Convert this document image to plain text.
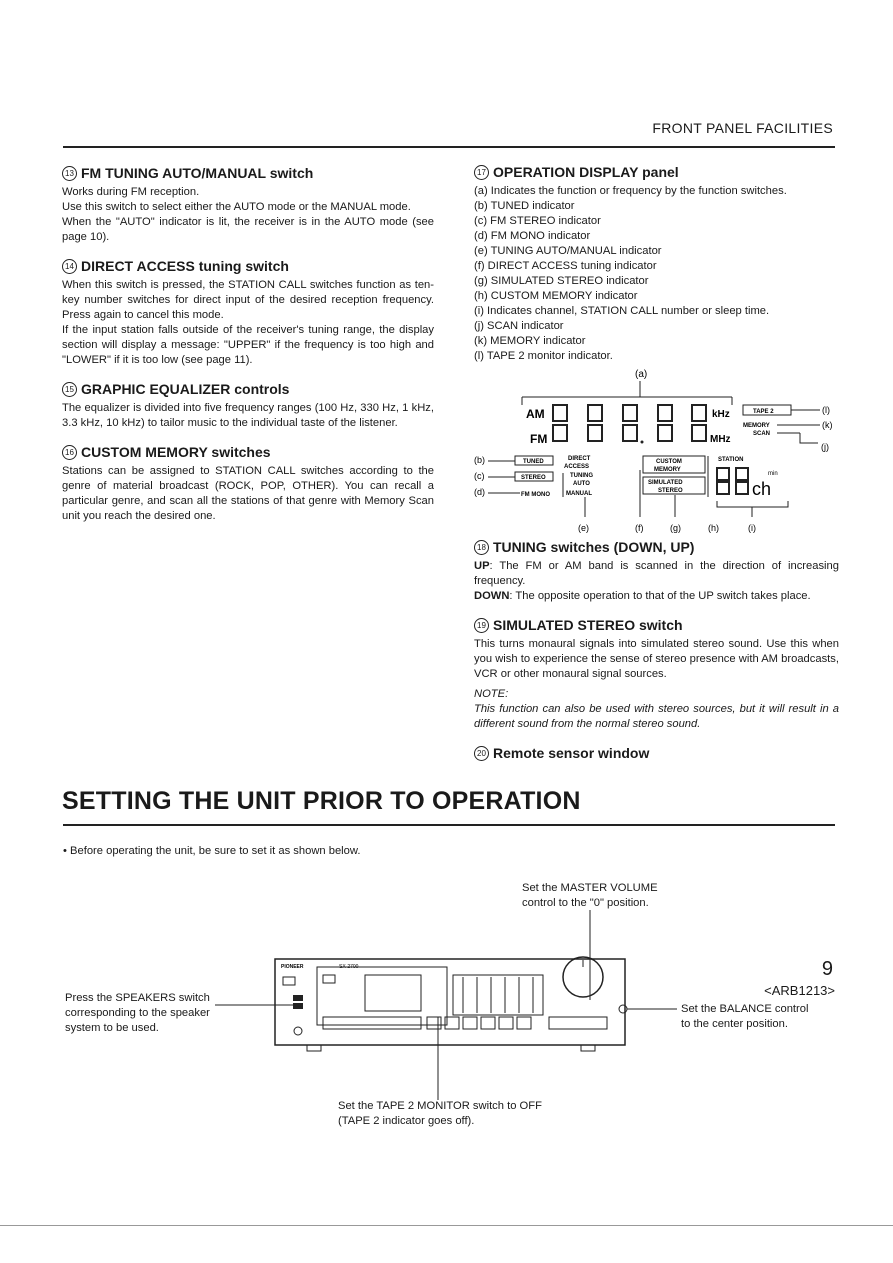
FRONT PANEL FACILITIES
13 FM TUNING AUTO/MANUAL switch

Works during FM reception.

Use this switch to select either the AUTO mode or the MANUAL mode.

When the "AUTO" indicator is lit, the receiver is in the AUTO mode (see page 10).

14 DIRECT ACCESS tuning switch

When this switch is pressed, the STATION CALL switches function as ten-key number switches for direct input of the desired reception frequency. Press again to cancel this mode.

If the input station falls outside of the receiver's tuning range, the display section will display a message: "UPPER" if the frequency is too high and "LOWER" if it is too low (see page 11).

15 GRAPHIC EQUALIZER controls

The equalizer is divided into five frequency ranges (100 Hz, 330 Hz, 1 kHz, 3.3 kHz, 10 kHz) to tailor music to the individual taste of the listener.

16 CUSTOM MEMORY switches

Stations can be assigned to STATION CALL switches according to the genre of material broadcast (ROCK, POP, OTHER). You can recall a particular genre, and scan all the stations of that genre with Memory Scan unit you reach the desired one.

17 OPERATION DISPLAY panel

(a) Indicates the function or frequency by the function switches.

(b) TUNED indicator

(c) FM STEREO indicator

(d) FM MONO indicator

(e) TUNING AUTO/MANUAL indicator

(f) DIRECT ACCESS tuning indicator

(g) SIMULATED STEREO indicator

(h) CUSTOM MEMORY indicator

(i) Indicates channel, STATION CALL number or sleep time.

(j) SCAN indicator

(k) MEMORY indicator

(l) TAPE 2 monitor indicator.

(a)
AM
FM
kHz
MHz
TAPE 2	(l)
MEMORY	(k)
SCAN
(j)
(b)	TUNED
(c)	STEREO
(d)	FM MONO
DIRECT
ACCESS
TUNING
AUTO
MANUAL
CUSTOM
MEMORY
SIMULATED
STEREO
STATION
min
ch
(e)	(f)	(g)	(h)	(i)
18 TUNING switches (DOWN, UP)

UP: The FM or AM band is scanned in the direction of increasing frequency.

DOWN: The opposite operation to that of the UP switch takes place.

19 SIMULATED STEREO switch

This turns monaural signals into simulated stereo sound. Use this when you wish to experience the sense of stereo presence with AM broadcasts, VCR or other monaural signal sources.

NOTE:

This function can also be used with stereo sources, but it will result in a different sound from the normal stereo sound.

20 Remote sensor window
SETTING THE UNIT PRIOR TO OPERATION
• Before operating the unit, be sure to set it as shown below.
Set the MASTER VOLUME
control to the "0" position.
Press the SPEAKERS switch
corresponding to the speaker
system to be used.
Set the BALANCE control
to the center position.
Set the TAPE 2 MONITOR switch to OFF
(TAPE 2 indicator goes off).
PIONEER	SX-2700	9
<ARB1213>
